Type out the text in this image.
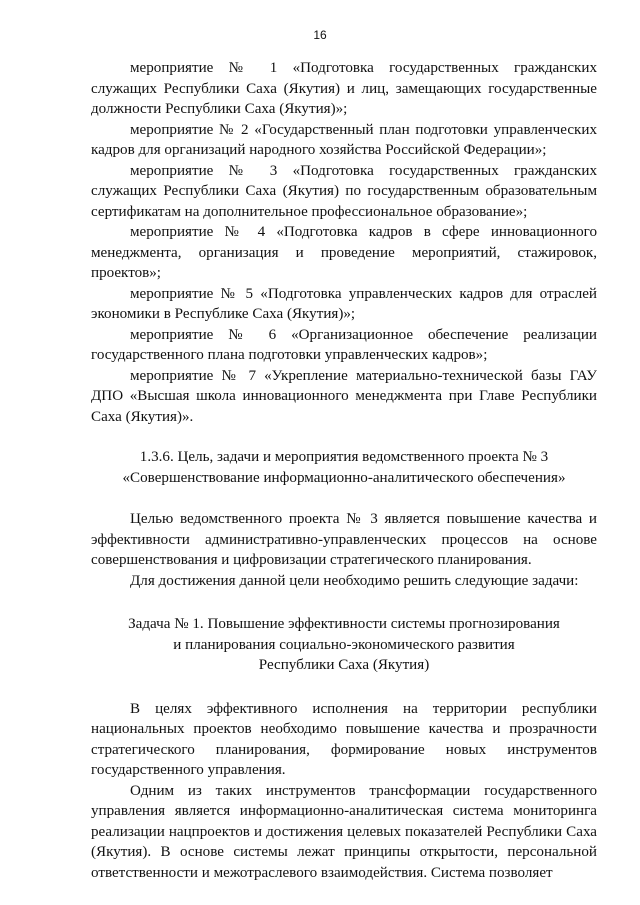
16

мероприятие № 1 «Подготовка государственных гражданских служащих Республики Саха (Якутия) и лиц, замещающих государственные должности Республики Саха (Якутия)»;

мероприятие № 2 «Государственный план подготовки управленческих кадров для организаций народного хозяйства Российской Федерации»;

мероприятие № 3 «Подготовка государственных гражданских служащих Республики Саха (Якутия) по государственным образовательным сертификатам на дополнительное профессиональное образование»;

мероприятие № 4 «Подготовка кадров в сфере инновационного менеджмента, организация и проведение мероприятий, стажировок, проектов»;

мероприятие № 5 «Подготовка управленческих кадров для отраслей экономики в Республике Саха (Якутия)»;

мероприятие № 6 «Организационное обеспечение реализации государственного плана подготовки управленческих кадров»;

мероприятие № 7 «Укрепление материально-технической базы ГАУ ДПО «Высшая школа инновационного менеджмента при Главе Республики Саха (Якутия)».

1.3.6. Цель, задачи и мероприятия ведомственного проекта № 3

«Совершенствование информационно-аналитического обеспечения»

Целью ведомственного проекта № 3 является повышение качества и эффективности административно-управленческих процессов на основе совершенствования и цифровизации стратегического планирования.

Для достижения данной цели необходимо решить следующие задачи:

Задача № 1. Повышение эффективности системы прогнозирования

и планирования социально-экономического развития

Республики Саха (Якутия)

В целях эффективного исполнения на территории республики национальных проектов необходимо повышение качества и прозрачности стратегического планирования, формирование новых инструментов государственного управления.

Одним из таких инструментов трансформации государственного управления является информационно-аналитическая система мониторинга реализации нацпроектов и достижения целевых показателей Республики Саха (Якутия). В основе системы лежат принципы открытости, персональной ответственности и межотраслевого взаимодействия. Система позволяет
